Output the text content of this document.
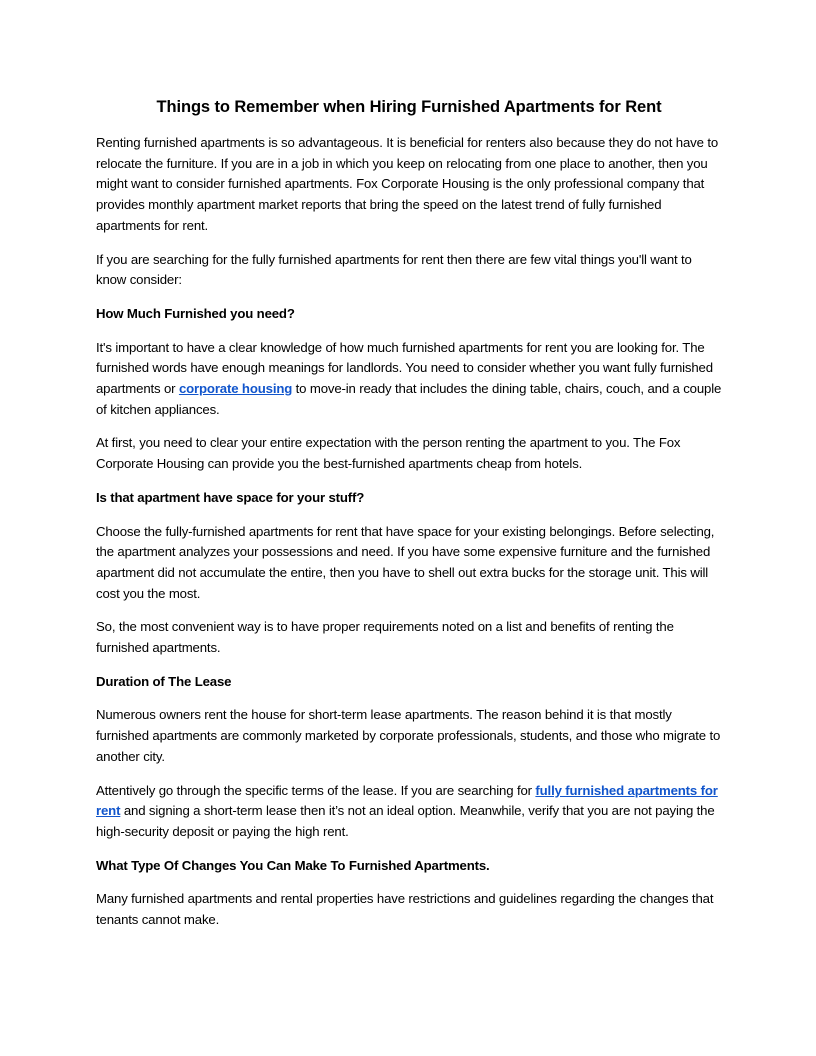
Things to Remember when Hiring Furnished Apartments for Rent

Renting furnished apartments is so advantageous. It is beneficial for renters also because they do not have to relocate the furniture. If you are in a job in which you keep on relocating from one place to another, then you might want to consider furnished apartments. Fox Corporate Housing is the only professional company that provides monthly apartment market reports that bring the speed on the latest trend of fully furnished apartments for rent.

If you are searching for the fully furnished apartments for rent then there are few vital things you'll want to know consider:

How Much Furnished you need?

It's important to have a clear knowledge of how much furnished apartments for rent you are looking for. The furnished words have enough meanings for landlords. You need to consider whether you want fully furnished apartments or corporate housing to move-in ready that includes the dining table, chairs, couch, and a couple of kitchen appliances.

At first, you need to clear your entire expectation with the person renting the apartment to you. The Fox Corporate Housing can provide you the best-furnished apartments cheap from hotels.

Is that apartment have space for your stuff?

Choose the fully-furnished apartments for rent that have space for your existing belongings. Before selecting, the apartment analyzes your possessions and need. If you have some expensive furniture and the furnished apartment did not accumulate the entire, then you have to shell out extra bucks for the storage unit. This will cost you the most.

So, the most convenient way is to have proper requirements noted on a list and benefits of renting the furnished apartments.

Duration of The Lease

Numerous owners rent the house for short-term lease apartments. The reason behind it is that mostly furnished apartments are commonly marketed by corporate professionals, students, and those who migrate to another city.

Attentively go through the specific terms of the lease. If you are searching for fully furnished apartments for rent and signing a short-term lease then it’s not an ideal option. Meanwhile, verify that you are not paying the high-security deposit or paying the high rent.

What Type Of Changes You Can Make To Furnished Apartments.

Many furnished apartments and rental properties have restrictions and guidelines regarding the changes that tenants cannot make.
